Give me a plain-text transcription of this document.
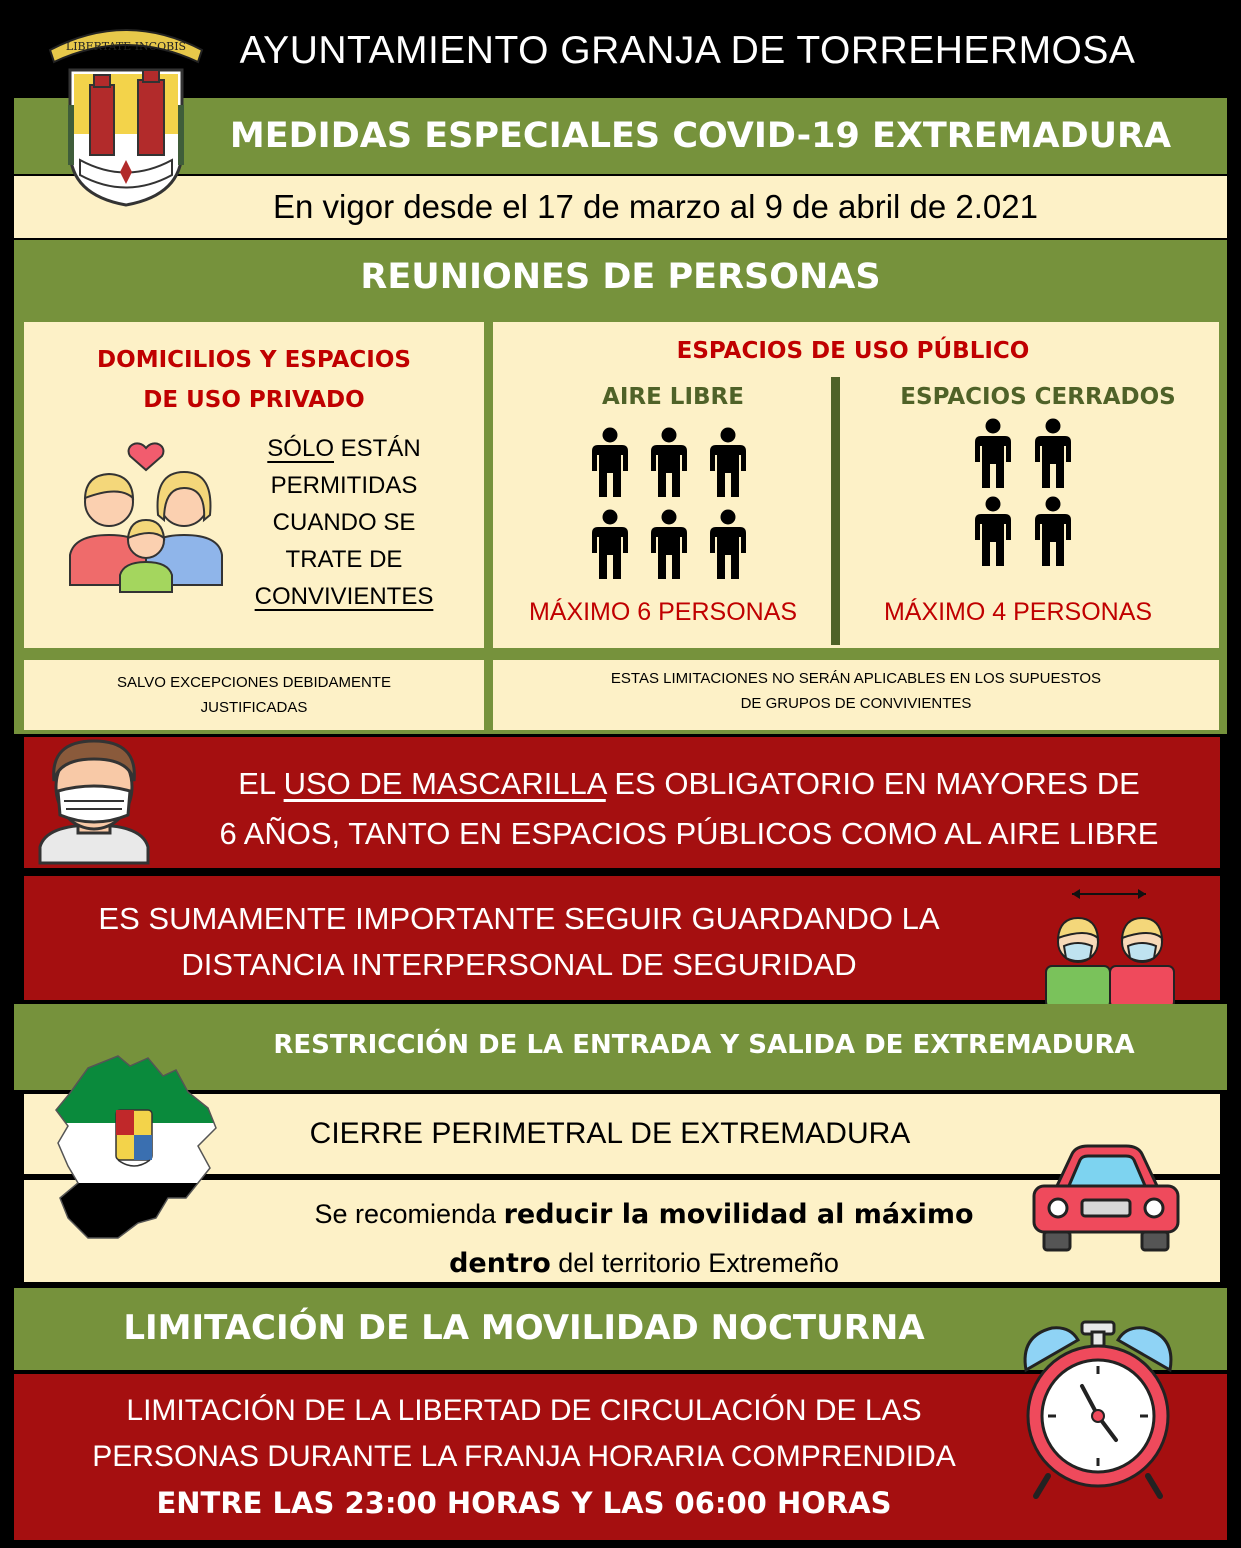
AYUNTAMIENTO GRANJA DE TORREHERMOSA
LIBERTATE INCOBIS
MEDIDAS ESPECIALES COVID-19 EXTREMADURA
En vigor desde el 17 de marzo al 9 de abril de 2.021
REUNIONES DE PERSONAS
DOMICILIOS Y ESPACIOS
DE USO PRIVADO
SÓLO ESTÁN
PERMITIDAS
CUANDO SE
TRATE DE
CONVIVIENTES
ESPACIOS DE USO PÚBLICO
AIRE LIBRE
MÁXIMO 6 PERSONAS
ESPACIOS CERRADOS
MÁXIMO 4 PERSONAS
SALVO EXCEPCIONES DEBIDAMENTE
JUSTIFICADAS
ESTAS LIMITACIONES NO SERÁN APLICABLES EN LOS SUPUESTOS
DE GRUPOS DE CONVIVIENTES
EL USO DE MASCARILLA ES OBLIGATORIO EN MAYORES DE
6 AÑOS, TANTO EN ESPACIOS PÚBLICOS COMO AL AIRE LIBRE
ES SUMAMENTE IMPORTANTE SEGUIR GUARDANDO LA
DISTANCIA INTERPERSONAL DE SEGURIDAD
RESTRICCIÓN DE LA ENTRADA Y SALIDA DE EXTREMADURA
CIERRE PERIMETRAL DE EXTREMADURA
Se recomienda reducir la movilidad al máximo
dentro del territorio Extremeño
LIMITACIÓN DE LA MOVILIDAD NOCTURNA
LIMITACIÓN DE LA LIBERTAD DE CIRCULACIÓN DE LAS
PERSONAS DURANTE LA FRANJA HORARIA COMPRENDIDA
ENTRE LAS 23:00 HORAS Y LAS 06:00 HORAS
